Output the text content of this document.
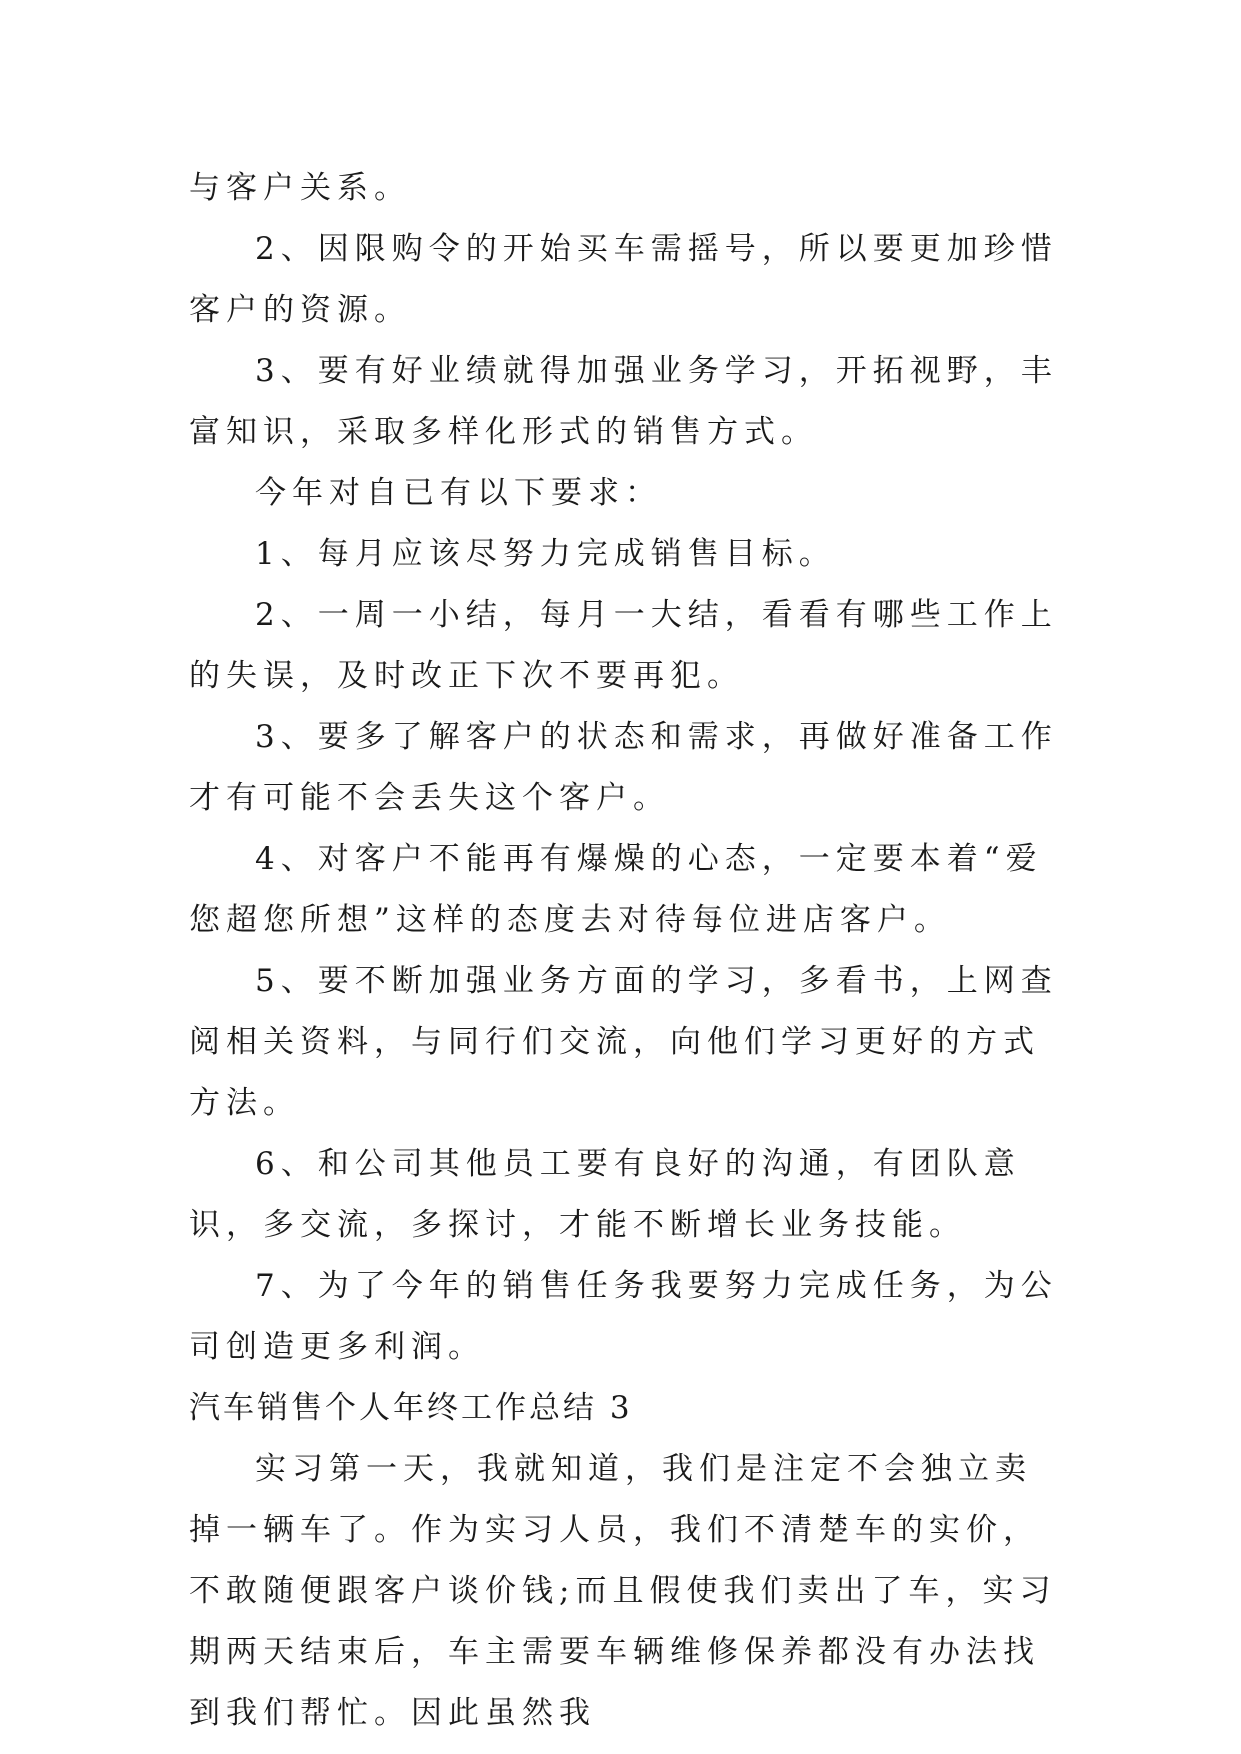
与客户关系。

2、因限购令的开始买车需摇号，所以要更加珍惜客户的资源。

3、要有好业绩就得加强业务学习，开拓视野，丰富知识，采取多样化形式的销售方式。

今年对自已有以下要求：

1、每月应该尽努力完成销售目标。

2、一周一小结，每月一大结，看看有哪些工作上的失误，及时改正下次不要再犯。

3、要多了解客户的状态和需求，再做好准备工作才有可能不会丢失这个客户。

4、对客户不能再有爆燥的心态，一定要本着“爱您超您所想”这样的态度去对待每位进店客户。

5、要不断加强业务方面的学习，多看书，上网查阅相关资料，与同行们交流，向他们学习更好的方式方法。

6、和公司其他员工要有良好的沟通，有团队意识，多交流，多探讨，才能不断增长业务技能。

7、为了今年的销售任务我要努力完成任务，为公司创造更多利润。

汽车销售个人年终工作总结 3

实习第一天，我就知道，我们是注定不会独立卖掉一辆车了。作为实习人员，我们不清楚车的实价，不敢随便跟客户谈价钱;而且假使我们卖出了车，实习期两天结束后，车主需要车辆维修保养都没有办法找到我们帮忙。因此虽然我
